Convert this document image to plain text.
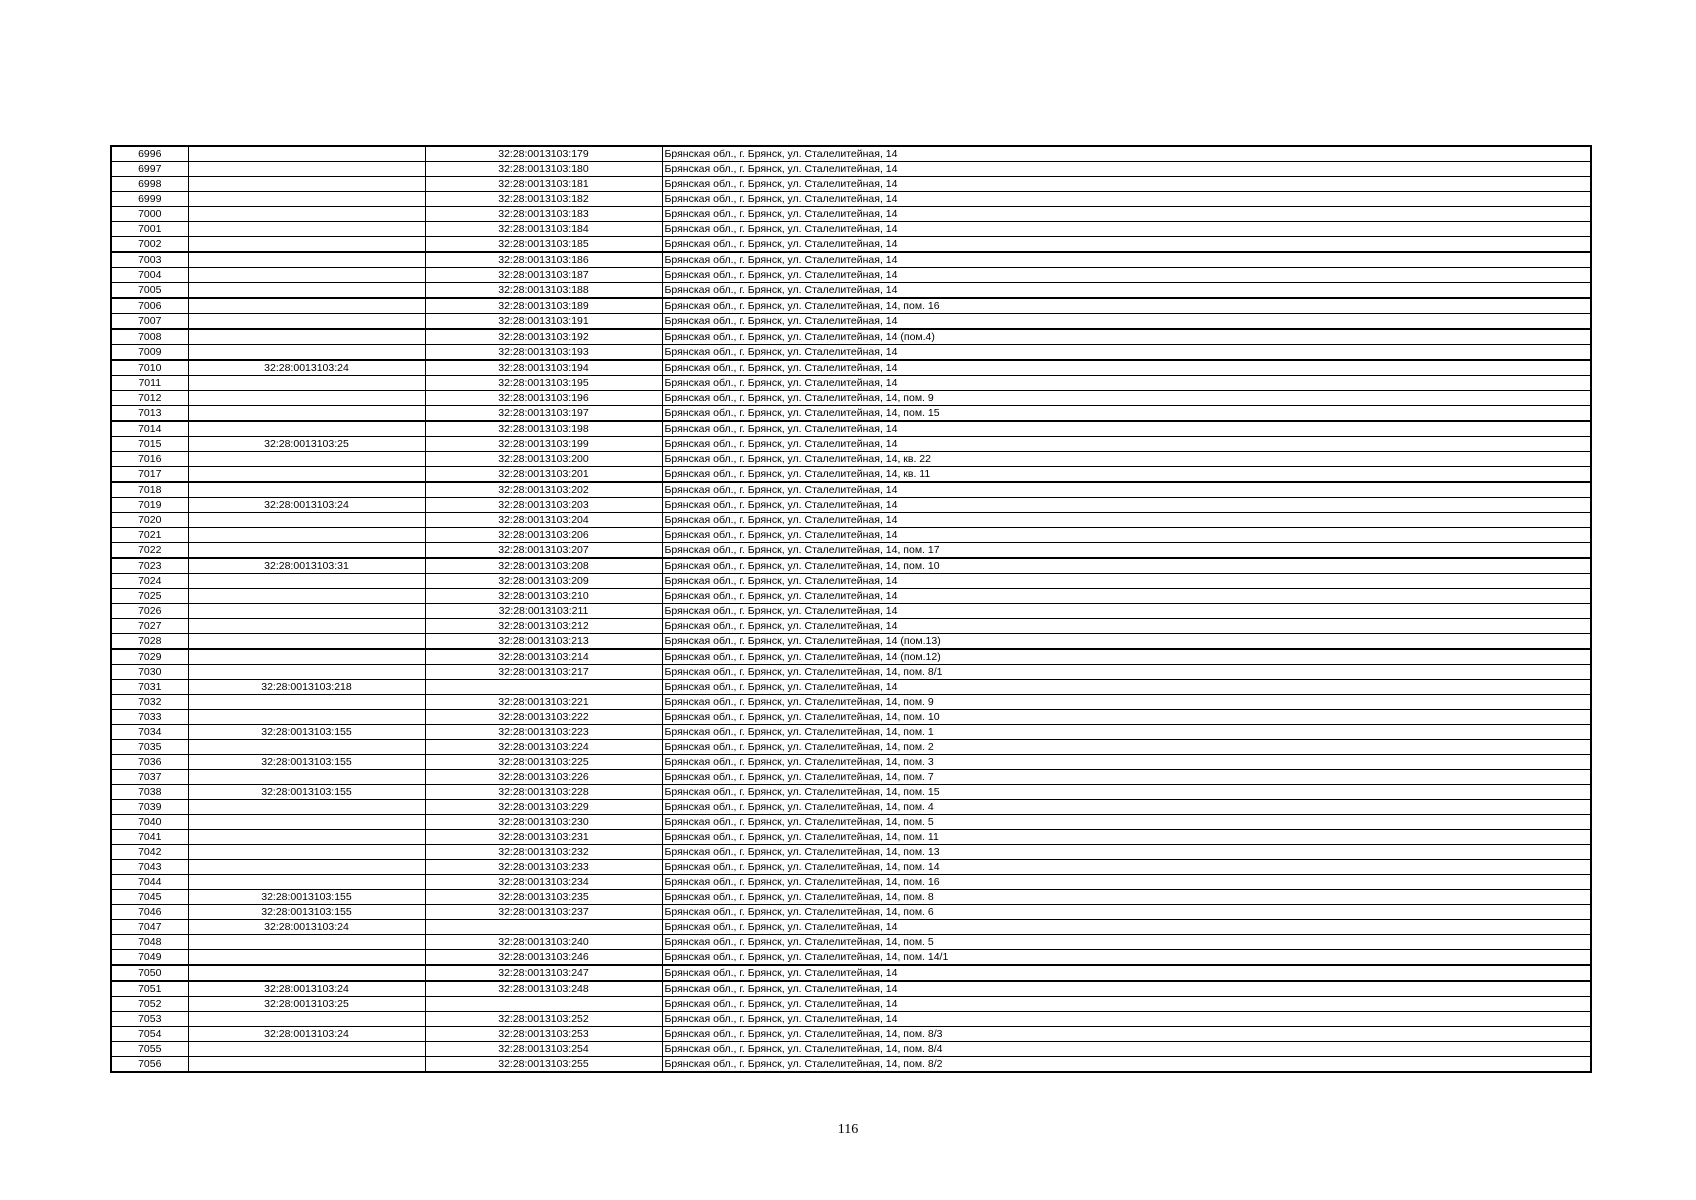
6996		32:28:0013103:179	Брянская обл., г. Брянск, ул. Сталелитейная, 14
6997		32:28:0013103:180	Брянская обл., г. Брянск, ул. Сталелитейная, 14
6998		32:28:0013103:181	Брянская обл., г. Брянск, ул. Сталелитейная, 14
6999		32:28:0013103:182	Брянская обл., г. Брянск, ул. Сталелитейная, 14
7000		32:28:0013103:183	Брянская обл., г. Брянск, ул. Сталелитейная, 14
7001		32:28:0013103:184	Брянская обл., г. Брянск, ул. Сталелитейная, 14
7002		32:28:0013103:185	Брянская обл., г. Брянск, ул. Сталелитейная, 14
7003		32:28:0013103:186	Брянская обл., г. Брянск, ул. Сталелитейная, 14
7004		32:28:0013103:187	Брянская обл., г. Брянск, ул. Сталелитейная, 14
7005		32:28:0013103:188	Брянская обл., г. Брянск, ул. Сталелитейная, 14
7006		32:28:0013103:189	Брянская обл., г. Брянск, ул. Сталелитейная, 14, пом. 16
7007		32:28:0013103:191	Брянская обл., г. Брянск, ул. Сталелитейная, 14
7008		32:28:0013103:192	Брянская обл., г. Брянск, ул. Сталелитейная, 14 (пом.4)
7009		32:28:0013103:193	Брянская обл., г. Брянск, ул. Сталелитейная, 14
7010	32:28:0013103:24	32:28:0013103:194	Брянская обл., г. Брянск, ул. Сталелитейная, 14
7011		32:28:0013103:195	Брянская обл., г. Брянск, ул. Сталелитейная, 14
7012		32:28:0013103:196	Брянская обл., г. Брянск, ул. Сталелитейная, 14, пом. 9
7013		32:28:0013103:197	Брянская обл., г. Брянск, ул. Сталелитейная, 14, пом. 15
7014		32:28:0013103:198	Брянская обл., г. Брянск, ул. Сталелитейная, 14
7015	32:28:0013103:25	32:28:0013103:199	Брянская обл., г. Брянск, ул. Сталелитейная, 14
7016		32:28:0013103:200	Брянская обл., г. Брянск, ул. Сталелитейная, 14, кв. 22
7017		32:28:0013103:201	Брянская обл., г. Брянск, ул. Сталелитейная, 14, кв. 11
7018		32:28:0013103:202	Брянская обл., г. Брянск, ул. Сталелитейная, 14
7019	32:28:0013103:24	32:28:0013103:203	Брянская обл., г. Брянск, ул. Сталелитейная, 14
7020		32:28:0013103:204	Брянская обл., г. Брянск, ул. Сталелитейная, 14
7021		32:28:0013103:206	Брянская обл., г. Брянск, ул. Сталелитейная, 14
7022		32:28:0013103:207	Брянская обл., г. Брянск, ул. Сталелитейная, 14, пом. 17
7023	32:28:0013103:31	32:28:0013103:208	Брянская обл., г. Брянск, ул. Сталелитейная, 14, пом. 10
7024		32:28:0013103:209	Брянская обл., г. Брянск, ул. Сталелитейная, 14
7025		32:28:0013103:210	Брянская обл., г. Брянск, ул. Сталелитейная, 14
7026		32:28:0013103:211	Брянская обл., г. Брянск, ул. Сталелитейная, 14
7027		32:28:0013103:212	Брянская обл., г. Брянск, ул. Сталелитейная, 14
7028		32:28:0013103:213	Брянская обл., г. Брянск, ул. Сталелитейная, 14 (пом.13)
7029		32:28:0013103:214	Брянская обл., г. Брянск, ул. Сталелитейная, 14 (пом.12)
7030		32:28:0013103:217	Брянская обл., г. Брянск, ул. Сталелитейная, 14, пом. 8/1
7031	32:28:0013103:218		Брянская обл., г. Брянск, ул. Сталелитейная, 14
7032		32:28:0013103:221	Брянская обл., г. Брянск, ул. Сталелитейная, 14, пом. 9
7033		32:28:0013103:222	Брянская обл., г. Брянск, ул. Сталелитейная, 14, пом. 10
7034	32:28:0013103:155	32:28:0013103:223	Брянская обл., г. Брянск, ул. Сталелитейная, 14, пом. 1
7035		32:28:0013103:224	Брянская обл., г. Брянск, ул. Сталелитейная, 14, пом. 2
7036	32:28:0013103:155	32:28:0013103:225	Брянская обл., г. Брянск, ул. Сталелитейная, 14, пом. 3
7037		32:28:0013103:226	Брянская обл., г. Брянск, ул. Сталелитейная, 14, пом. 7
7038	32:28:0013103:155	32:28:0013103:228	Брянская обл., г. Брянск, ул. Сталелитейная, 14, пом. 15
7039		32:28:0013103:229	Брянская обл., г. Брянск, ул. Сталелитейная, 14, пом. 4
7040		32:28:0013103:230	Брянская обл., г. Брянск, ул. Сталелитейная, 14, пом. 5
7041		32:28:0013103:231	Брянская обл., г. Брянск, ул. Сталелитейная, 14, пом. 11
7042		32:28:0013103:232	Брянская обл., г. Брянск, ул. Сталелитейная, 14, пом. 13
7043		32:28:0013103:233	Брянская обл., г. Брянск, ул. Сталелитейная, 14, пом. 14
7044		32:28:0013103:234	Брянская обл., г. Брянск, ул. Сталелитейная, 14, пом. 16
7045	32:28:0013103:155	32:28:0013103:235	Брянская обл., г. Брянск, ул. Сталелитейная, 14, пом. 8
7046	32:28:0013103:155	32:28:0013103:237	Брянская обл., г. Брянск, ул. Сталелитейная, 14, пом. 6
7047	32:28:0013103:24		Брянская обл., г. Брянск, ул. Сталелитейная, 14
7048		32:28:0013103:240	Брянская обл., г. Брянск, ул. Сталелитейная, 14, пом. 5
7049		32:28:0013103:246	Брянская обл., г. Брянск, ул. Сталелитейная, 14, пом. 14/1
7050		32:28:0013103:247	Брянская обл., г. Брянск, ул. Сталелитейная, 14
7051	32:28:0013103:24	32:28:0013103:248	Брянская обл., г. Брянск, ул. Сталелитейная, 14
7052	32:28:0013103:25		Брянская обл., г. Брянск, ул. Сталелитейная, 14
7053		32:28:0013103:252	Брянская обл., г. Брянск, ул. Сталелитейная, 14
7054	32:28:0013103:24	32:28:0013103:253	Брянская обл., г. Брянск, ул. Сталелитейная, 14, пом. 8/3
7055		32:28:0013103:254	Брянская обл., г. Брянск, ул. Сталелитейная, 14, пом. 8/4
7056		32:28:0013103:255	Брянская обл., г. Брянск, ул. Сталелитейная, 14, пом. 8/2
116
